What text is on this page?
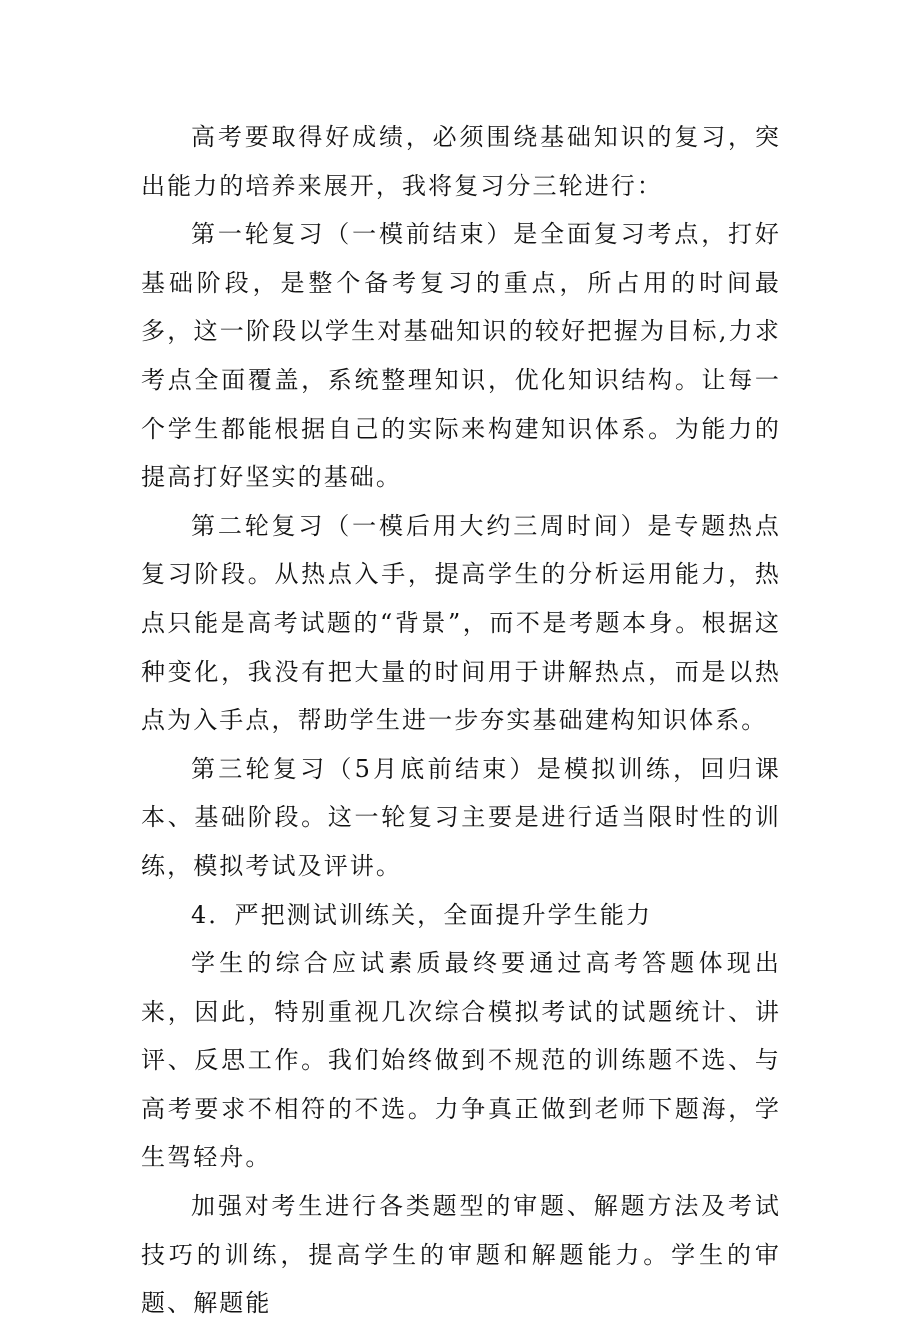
高考要取得好成绩，必须围绕基础知识的复习，突出能力的培养来展开，我将复习分三轮进行：

第一轮复习（一模前结束）是全面复习考点，打好基础阶段，是整个备考复习的重点，所占用的时间最多，这一阶段以学生对基础知识的较好把握为目标,力求考点全面覆盖，系统整理知识，优化知识结构。让每一个学生都能根据自己的实际来构建知识体系。为能力的提高打好坚实的基础。

第二轮复习（一模后用大约三周时间）是专题热点复习阶段。从热点入手，提高学生的分析运用能力，热点只能是高考试题的“背景”，而不是考题本身。根据这种变化，我没有把大量的时间用于讲解热点，而是以热点为入手点，帮助学生进一步夯实基础建构知识体系。

第三轮复习（5月底前结束）是模拟训练，回归课本、基础阶段。这一轮复习主要是进行适当限时性的训练，模拟考试及评讲。

4．严把测试训练关，全面提升学生能力

学生的综合应试素质最终要通过高考答题体现出来，因此，特别重视几次综合模拟考试的试题统计、讲评、反思工作。我们始终做到不规范的训练题不选、与高考要求不相符的不选。力争真正做到老师下题海，学生驾轻舟。

加强对考生进行各类题型的审题、解题方法及考试技巧的训练，提高学生的审题和解题能力。学生的审题、解题能
